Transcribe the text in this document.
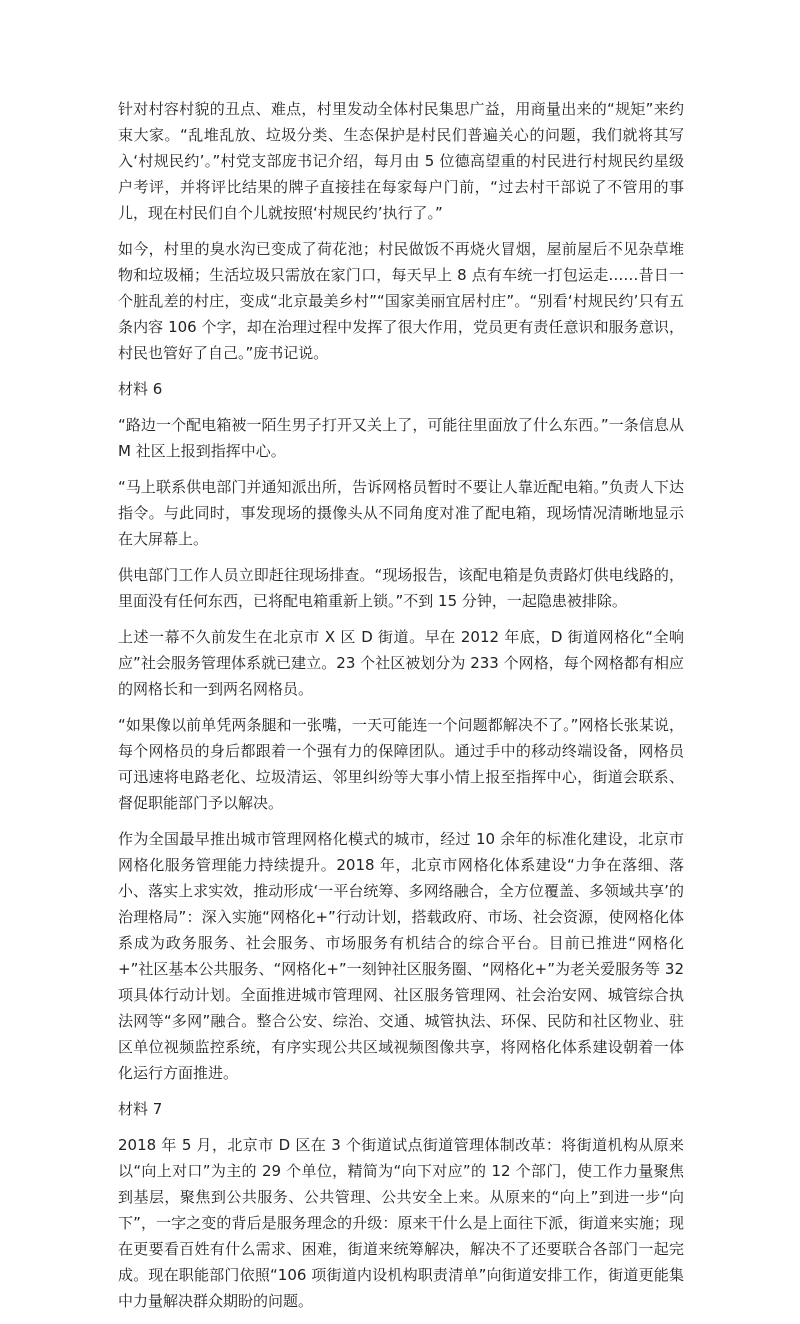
针对村容村貌的丑点、难点，村里发动全体村民集思广益，用商量出来的“规矩”来约束大家。“乱堆乱放、垃圾分类、生态保护是村民们普遍关心的问题，我们就将其写入‘村规民约’。”村党支部庞书记介绍，每月由 5 位德高望重的村民进行村规民约星级户考评，并将评比结果的牌子直接挂在每家每户门前，“过去村干部说了不管用的事儿，现在村民们自个儿就按照‘村规民约’执行了。”

如今，村里的臭水沟已变成了荷花池；村民做饭不再烧火冒烟，屋前屋后不见杂草堆物和垃圾桶；生活垃圾只需放在家门口，每天早上 8 点有车统一打包运走……昔日一个脏乱差的村庄，变成“北京最美乡村”“国家美丽宜居村庄”。“别看‘村规民约’只有五条内容 106 个字，却在治理过程中发挥了很大作用，党员更有责任意识和服务意识，村民也管好了自己。”庞书记说。

材料 6

“路边一个配电箱被一陌生男子打开又关上了，可能往里面放了什么东西。”一条信息从 M 社区上报到指挥中心。

“马上联系供电部门并通知派出所，告诉网格员暂时不要让人靠近配电箱。”负责人下达指令。与此同时，事发现场的摄像头从不同角度对准了配电箱，现场情况清晰地显示在大屏幕上。

供电部门工作人员立即赶往现场排查。“现场报告，该配电箱是负责路灯供电线路的，里面没有任何东西，已将配电箱重新上锁。”不到 15 分钟，一起隐患被排除。

上述一幕不久前发生在北京市 X 区 D 街道。早在 2012 年底，D 街道网格化“全响应”社会服务管理体系就已建立。23 个社区被划分为 233 个网格，每个网格都有相应的网格长和一到两名网格员。

“如果像以前单凭两条腿和一张嘴，一天可能连一个问题都解决不了。”网格长张某说，每个网格员的身后都跟着一个强有力的保障团队。通过手中的移动终端设备，网格员可迅速将电路老化、垃圾清运、邻里纠纷等大事小情上报至指挥中心，街道会联系、督促职能部门予以解决。

作为全国最早推出城市管理网格化模式的城市，经过 10 余年的标准化建设，北京市网格化服务管理能力持续提升。2018 年，北京市网格化体系建设“力争在落细、落小、落实上求实效，推动形成‘一平台统筹、多网络融合，全方位覆盖、多领域共享’的治理格局”：深入实施“网格化+”行动计划，搭载政府、市场、社会资源，使网格化体系成为政务服务、社会服务、市场服务有机结合的综合平台。目前已推进“网格化+”社区基本公共服务、“网格化+”一刻钟社区服务圈、“网格化+”为老关爱服务等 32 项具体行动计划。全面推进城市管理网、社区服务管理网、社会治安网、城管综合执法网等“多网”融合。整合公安、综治、交通、城管执法、环保、民防和社区物业、驻区单位视频监控系统，有序实现公共区域视频图像共享，将网格化体系建设朝着一体化运行方面推进。

材料 7

2018 年 5 月，北京市 D 区在 3 个街道试点街道管理体制改革：将街道机构从原来以“向上对口”为主的 29 个单位，精简为“向下对应”的 12 个部门，使工作力量聚焦到基层，聚焦到公共服务、公共管理、公共安全上来。从原来的“向上”到进一步“向下”，一字之变的背后是服务理念的升级：原来干什么是上面往下派，街道来实施；现在更要看百姓有什么需求、困难，街道来统筹解决，解决不了还要联合各部门一起完成。现在职能部门依照“106 项街道内设机构职责清单”向街道安排工作，街道更能集中力量解决群众期盼的问题。
